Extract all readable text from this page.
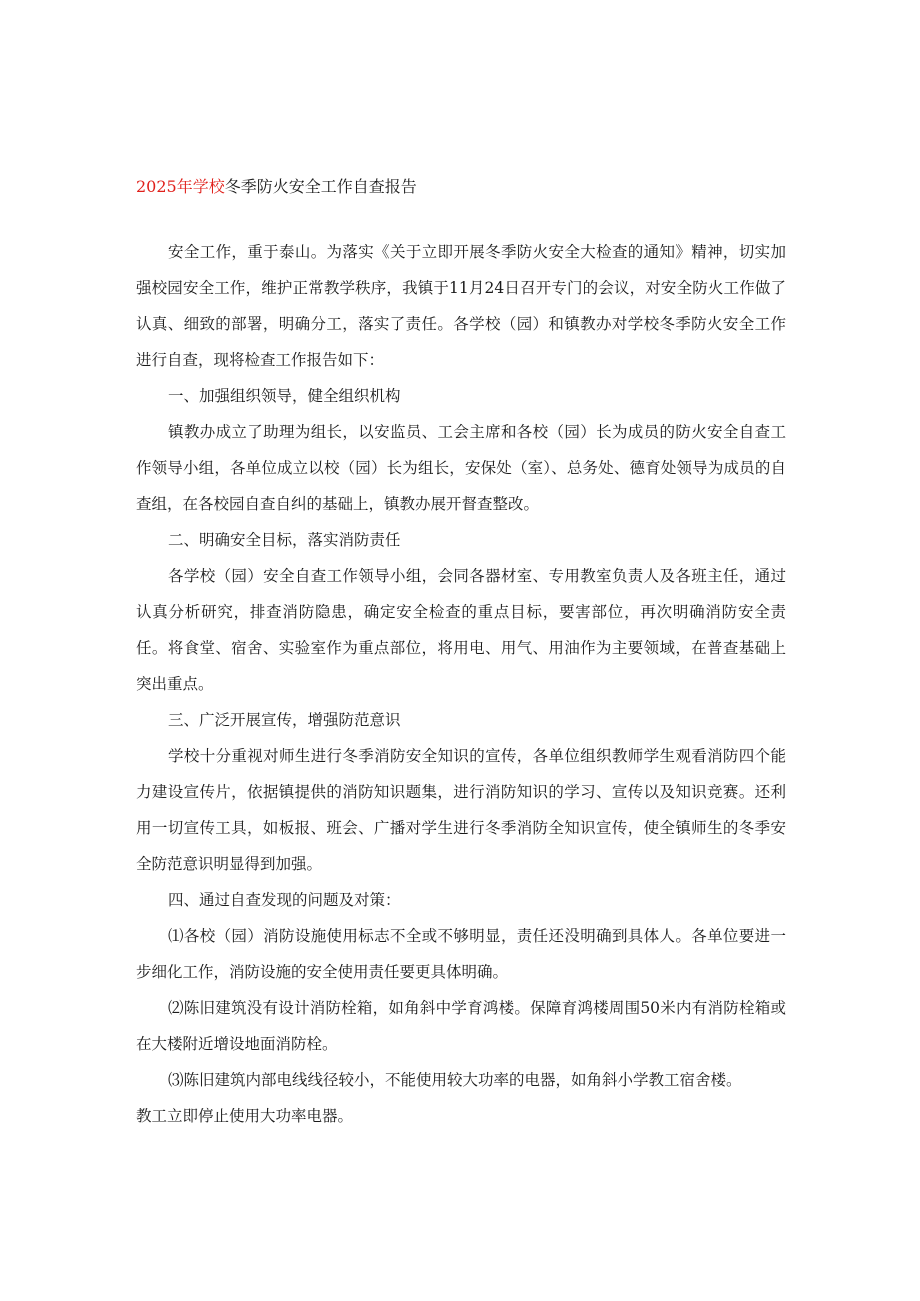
2025年学校冬季防火安全工作自查报告

安全工作，重于泰山。为落实《关于立即开展冬季防火安全大检查的通知》精神，切实加强校园安全工作，维护正常教学秩序，我镇于11月24日召开专门的会议，对安全防火工作做了认真、细致的部署，明确分工，落实了责任。各学校（园）和镇教办对学校冬季防火安全工作进行自查，现将检查工作报告如下：

一、加强组织领导，健全组织机构

镇教办成立了助理为组长，以安监员、工会主席和各校（园）长为成员的防火安全自查工作领导小组，各单位成立以校（园）长为组长，安保处（室）、总务处、德育处领导为成员的自查组，在各校园自查自纠的基础上，镇教办展开督查整改。

二、明确安全目标，落实消防责任

各学校（园）安全自查工作领导小组，会同各器材室、专用教室负责人及各班主任，通过认真分析研究，排查消防隐患，确定安全检查的重点目标，要害部位，再次明确消防安全责任。将食堂、宿舍、实验室作为重点部位，将用电、用气、用油作为主要领域，在普查基础上突出重点。

三、广泛开展宣传，增强防范意识

学校十分重视对师生进行冬季消防安全知识的宣传，各单位组织教师学生观看消防四个能力建设宣传片，依据镇提供的消防知识题集，进行消防知识的学习、宣传以及知识竞赛。还利用一切宣传工具，如板报、班会、广播对学生进行冬季消防全知识宣传，使全镇师生的冬季安全防范意识明显得到加强。

四、通过自查发现的问题及对策：

⑴各校（园）消防设施使用标志不全或不够明显，责任还没明确到具体人。各单位要进一步细化工作，消防设施的安全使用责任要更具体明确。

⑵陈旧建筑没有设计消防栓箱，如角斜中学育鸿楼。保障育鸿楼周围50米内有消防栓箱或在大楼附近增设地面消防栓。

⑶陈旧建筑内部电线线径较小，不能使用较大功率的电器，如角斜小学教工宿舍楼。

教工立即停止使用大功率电器。
